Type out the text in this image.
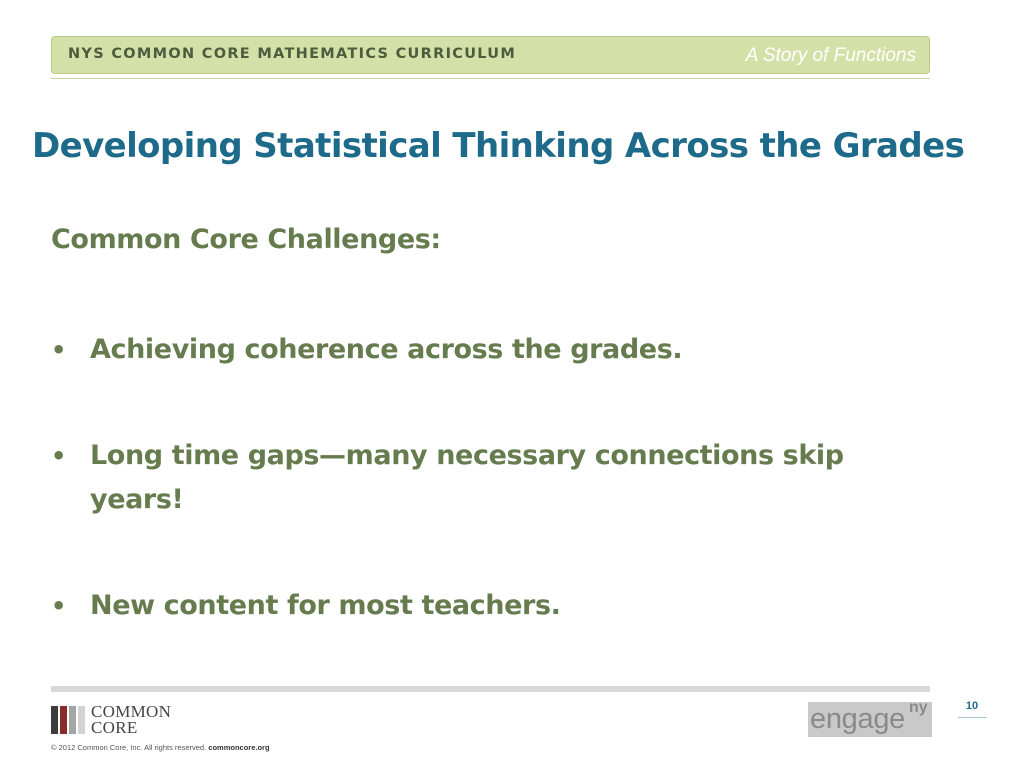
NYS COMMON CORE MATHEMATICS CURRICULUM	A Story of Functions
Developing Statistical Thinking Across the Grades
Common Core Challenges:
• Achieving coherence across the grades.
• Long time gaps—many necessary connections skip years!
• New content for most teachers.
COMMON
CORE
© 2012 Common Core, Inc. All rights reserved. commoncore.org
engage ny	10
